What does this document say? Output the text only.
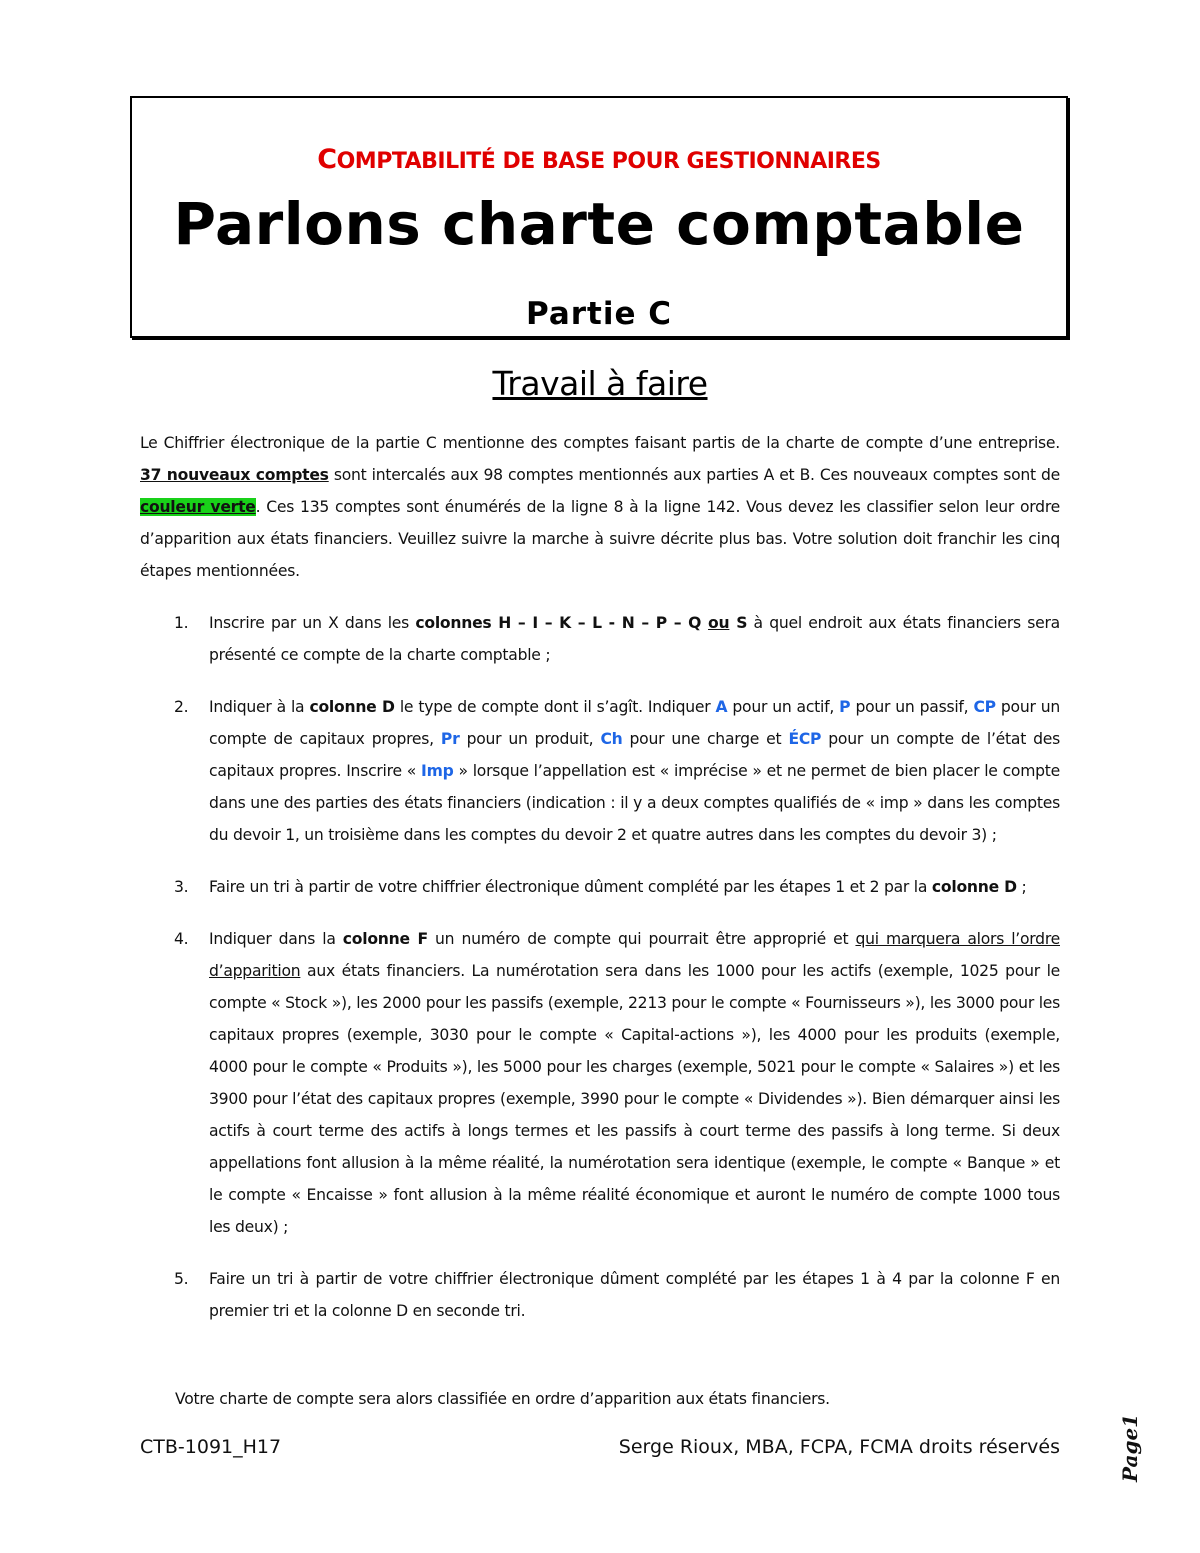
COMPTABILITÉ DE BASE POUR GESTIONNAIRES
Parlons charte comptable
Partie C
Travail à faire
Le Chiffrier électronique de la partie C mentionne des comptes faisant partis de la charte de compte d’une entreprise. 37 nouveaux comptes sont intercalés aux 98 comptes mentionnés aux parties A et B. Ces nouveaux comptes sont de couleur verte. Ces 135 comptes sont énumérés de la ligne 8 à la ligne 142. Vous devez les classifier selon leur ordre d’apparition aux états financiers. Veuillez suivre la marche à suivre décrite plus bas. Votre solution doit franchir les cinq étapes mentionnées.
1. Inscrire par un X dans les colonnes H – I – K – L - N – P – Q ou S à quel endroit aux états financiers sera présenté ce compte de la charte comptable ;
2. Indiquer à la colonne D le type de compte dont il s’agît. Indiquer A pour un actif, P pour un passif, CP pour un compte de capitaux propres, Pr pour un produit, Ch pour une charge et ÉCP pour un compte de l’état des capitaux propres. Inscrire « Imp » lorsque l’appellation est « imprécise » et ne permet de bien placer le compte dans une des parties des états financiers (indication : il y a deux comptes qualifiés de « imp » dans les comptes du devoir 1, un troisième dans les comptes du devoir 2 et quatre autres dans les comptes du devoir 3) ;
3. Faire un tri à partir de votre chiffrier électronique dûment complété par les étapes 1 et 2 par la colonne D ;
4. Indiquer dans la colonne F un numéro de compte qui pourrait être approprié et qui marquera alors l’ordre d’apparition aux états financiers. La numérotation sera dans les 1000 pour les actifs (exemple, 1025 pour le compte « Stock »), les 2000 pour les passifs (exemple, 2213 pour le compte « Fournisseurs »), les 3000 pour les capitaux propres (exemple, 3030 pour le compte « Capital-actions »), les 4000 pour les produits (exemple, 4000 pour le compte « Produits »), les 5000 pour les charges (exemple, 5021 pour le compte « Salaires ») et les 3900 pour l’état des capitaux propres (exemple, 3990 pour le compte « Dividendes »). Bien démarquer ainsi les actifs à court terme des actifs à longs termes et les passifs à court terme des passifs à long terme. Si deux appellations font allusion à la même réalité, la numérotation sera identique (exemple, le compte « Banque » et le compte « Encaisse » font allusion à la même réalité économique et auront le numéro de compte 1000 tous les deux) ;
5. Faire un tri à partir de votre chiffrier électronique dûment complété par les étapes 1 à 4 par la colonne F en premier tri et la colonne D en seconde tri.
Votre charte de compte sera alors classifiée en ordre d’apparition aux états financiers.
CTB-1091_H17	Serge Rioux, MBA, FCPA, FCMA droits réservés	Page1
